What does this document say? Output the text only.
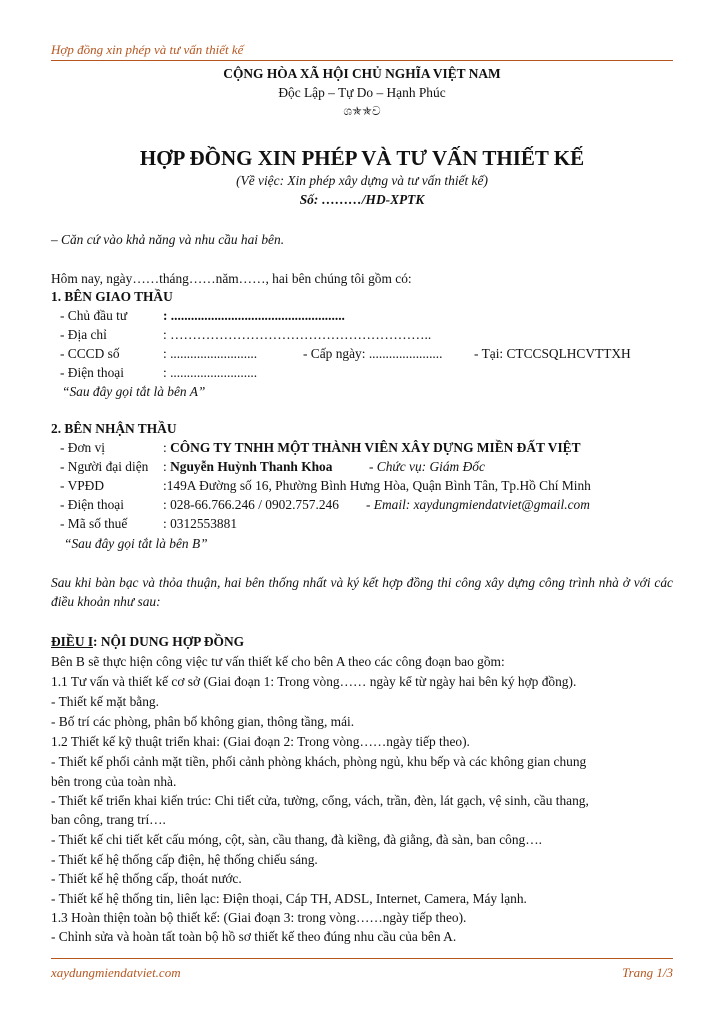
Hợp đồng xin phép và tư vấn thiết kế
CỘNG HÒA XÃ HỘI CHỦ NGHĨA VIỆT NAM
Độc Lập – Tự Do – Hạnh Phúc
ශ✯✯ව
HỢP ĐỒNG XIN PHÉP VÀ TƯ VẤN THIẾT KẾ
(Về việc: Xin phép xây dựng và tư vấn thiết kế)
Số: ………/HD-XPTK
– Căn cứ vào khả năng và nhu cầu hai bên.
Hôm nay, ngày……tháng……năm……, hai bên chúng tôi gồm có:
1. BÊN GIAO THẦU
- Chủ đầu tư	: ....................................................
- Địa chỉ	: …………………………………………………..
- CCCD số	: ..........................	- Cấp ngày: ...................... - Tại: CTCCSQLHCVTTXH
- Điện thoại	: ..........................
“Sau đây gọi tắt là bên A”
2. BÊN NHẬN THẦU
- Đơn vị	: CÔNG TY TNHH MỘT THÀNH VIÊN XÂY DỰNG MIỀN ĐẤT VIỆT
- Người đại diện : Nguyễn Huỳnh Thanh Khoa	- Chức vụ: Giám Đốc
- VPĐD	:149A Đường số 16, Phường Bình Hưng Hòa, Quận Bình Tân, Tp.Hồ Chí Minh
- Điện thoại	: 028-66.766.246 / 0902.757.246 - Email: xaydungmiendatviet@gmail.com
- Mã số thuế	: 0312553881
“Sau đây gọi tắt là bên B”
Sau khi bàn bạc và thỏa thuận, hai bên thống nhất và ký kết hợp đồng thi công xây dựng công trình nhà ở với các điều khoản như sau:
ĐIỀU I: NỘI DUNG HỢP ĐỒNG
Bên B sẽ thực hiện công việc tư vấn thiết kế cho bên A theo các công đoạn bao gồm:
1.1 Tư vấn và thiết kế cơ sở (Giai đoạn 1: Trong vòng…… ngày kể từ ngày hai bên ký hợp đồng).
- Thiết kế mặt bằng.
- Bố trí các phòng, phân bố không gian, thông tầng, mái.
1.2 Thiết kế kỹ thuật triển khai: (Giai đoạn 2: Trong vòng……ngày tiếp theo).
- Thiết kế phối cảnh mặt tiền, phối cảnh phòng khách, phòng ngủ, khu bếp và các không gian chung
bên trong của toàn nhà.
- Thiết kế triển khai kiến trúc: Chi tiết cửa, tường, cổng, vách, trần, đèn, lát gạch, vệ sinh, cầu thang,
ban công, trang trí….
- Thiết kế chi tiết kết cấu móng, cột, sàn, cầu thang, đà kiềng, đà giằng, đà sàn, ban công….
- Thiết kế hệ thống cấp điện, hệ thống chiếu sáng.
- Thiết kế hệ thống cấp, thoát nước.
- Thiết kế hệ thống tin, liên lạc: Điện thoại, Cáp TH, ADSL, Internet, Camera, Máy lạnh.
1.3 Hoàn thiện toàn bộ thiết kế: (Giai đoạn 3: trong vòng……ngày tiếp theo).
- Chỉnh sửa và hoàn tất toàn bộ hồ sơ thiết kế theo đúng nhu cầu của bên A.
xaydungmiendatviet.com	Trang 1/3
